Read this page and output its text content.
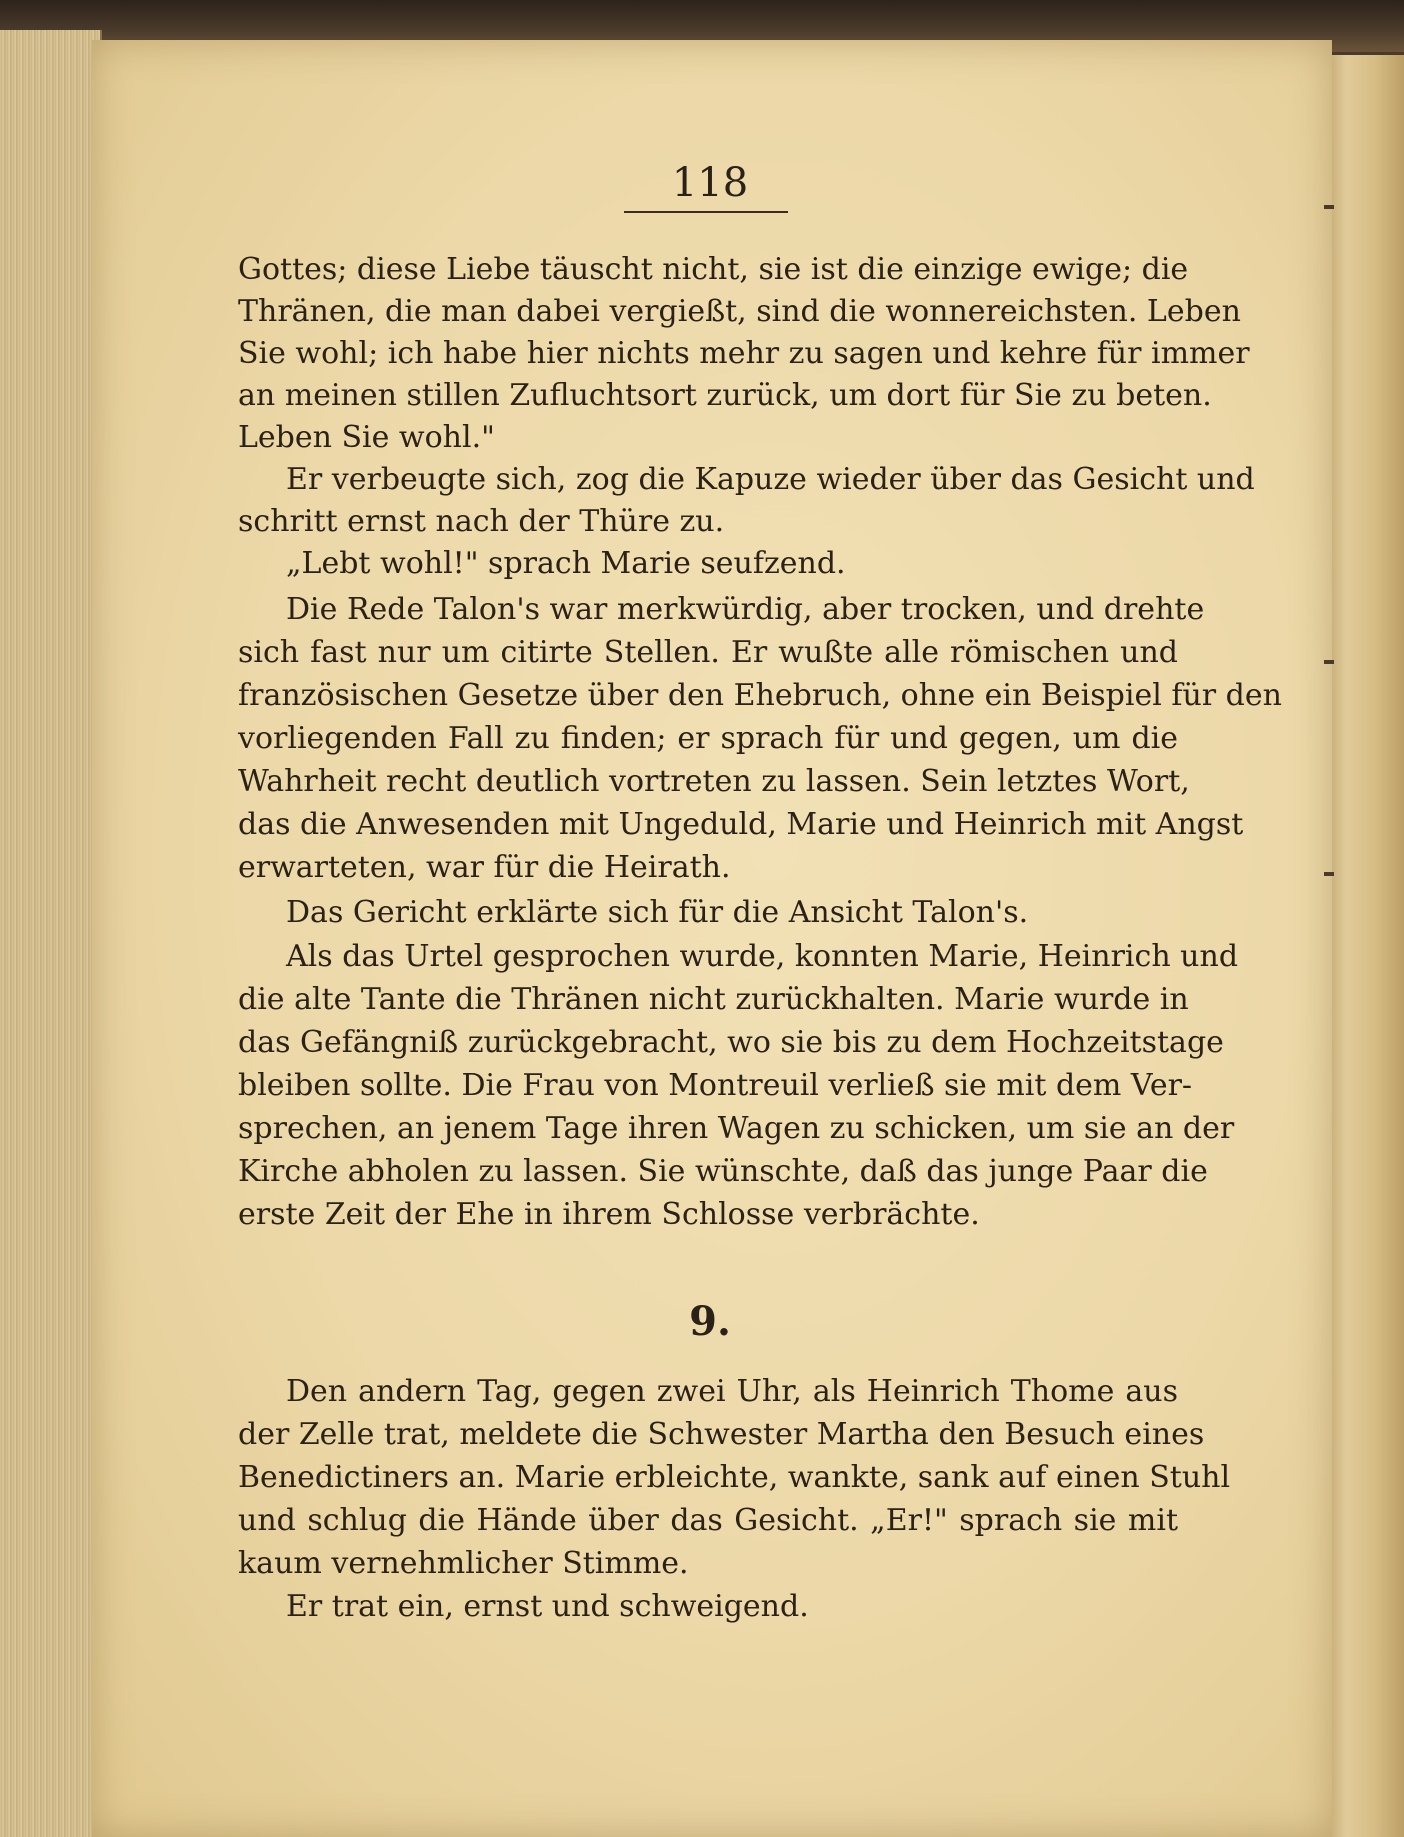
118
Gottes; diese Liebe täuscht nicht, sie ist die einzige ewige; die
Thränen, die man dabei vergießt, sind die wonnereichsten. Leben
Sie wohl; ich habe hier nichts mehr zu sagen und kehre für immer
an meinen stillen Zufluchtsort zurück, um dort für Sie zu beten.
Leben Sie wohl."
Er verbeugte sich, zog die Kapuze wieder über das Gesicht und
schritt ernst nach der Thüre zu.
„Lebt wohl!" sprach Marie seufzend.
Die Rede Talon's war merkwürdig, aber trocken, und drehte
sich fast nur um citirte Stellen. Er wußte alle römischen und
französischen Gesetze über den Ehebruch, ohne ein Beispiel für den
vorliegenden Fall zu finden; er sprach für und gegen, um die
Wahrheit recht deutlich vortreten zu lassen. Sein letztes Wort,
das die Anwesenden mit Ungeduld, Marie und Heinrich mit Angst
erwarteten, war für die Heirath.
Das Gericht erklärte sich für die Ansicht Talon's.
Als das Urtel gesprochen wurde, konnten Marie, Heinrich und
die alte Tante die Thränen nicht zurückhalten. Marie wurde in
das Gefängniß zurückgebracht, wo sie bis zu dem Hochzeitstage
bleiben sollte. Die Frau von Montreuil verließ sie mit dem Ver-
sprechen, an jenem Tage ihren Wagen zu schicken, um sie an der
Kirche abholen zu lassen. Sie wünschte, daß das junge Paar die
erste Zeit der Ehe in ihrem Schlosse verbrächte.
9.
Den andern Tag, gegen zwei Uhr, als Heinrich Thome aus
der Zelle trat, meldete die Schwester Martha den Besuch eines
Benedictiners an. Marie erbleichte, wankte, sank auf einen Stuhl
und schlug die Hände über das Gesicht. „Er!" sprach sie mit
kaum vernehmlicher Stimme.
Er trat ein, ernst und schweigend.
